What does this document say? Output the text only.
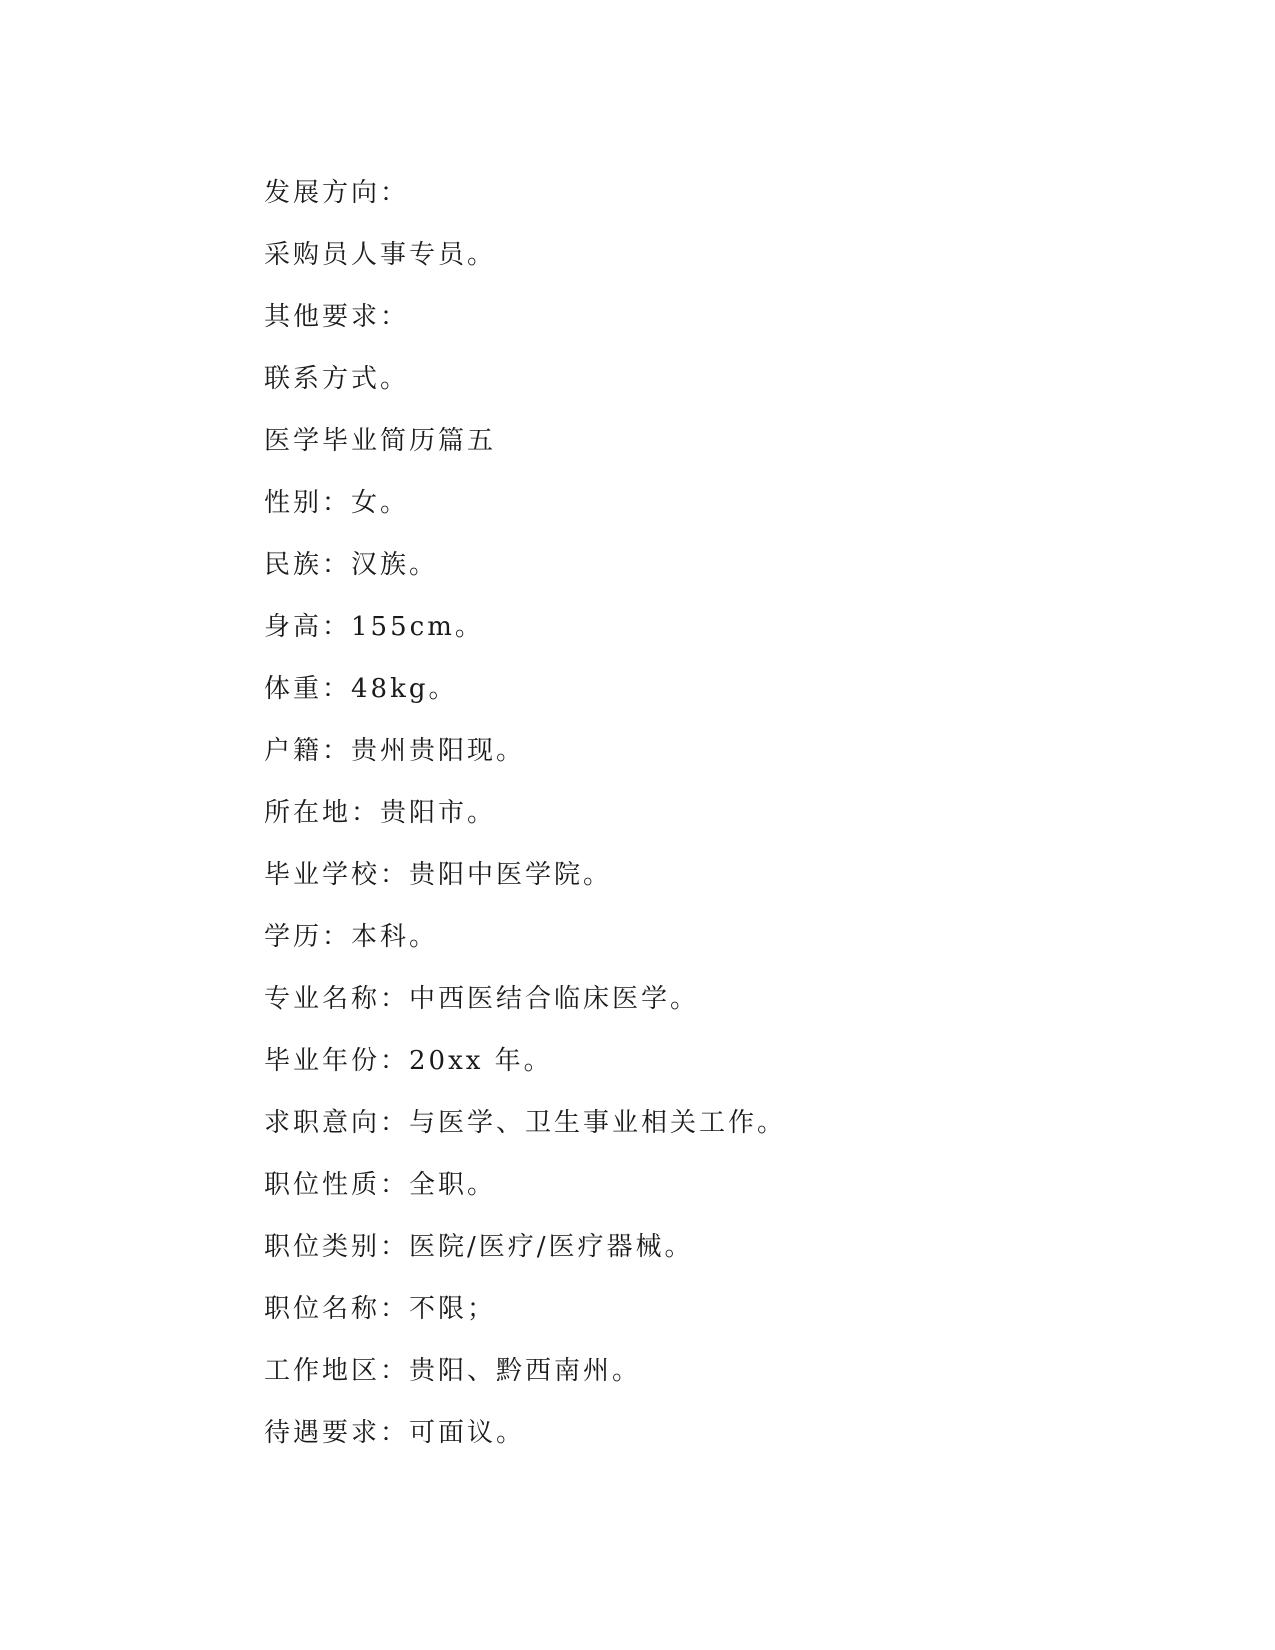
发展方向：
采购员人事专员。
其他要求：
联系方式。
医学毕业简历篇五
性别：女。
民族：汉族。
身高：155cm。
体重：48kg。
户籍：贵州贵阳现。
所在地：贵阳市。
毕业学校：贵阳中医学院。
学历：本科。
专业名称：中西医结合临床医学。
毕业年份：20xx 年。
求职意向：与医学、卫生事业相关工作。
职位性质：全职。
职位类别：医院/医疗/医疗器械。
职位名称：不限；
工作地区：贵阳、黔西南州。
待遇要求：可面议。
